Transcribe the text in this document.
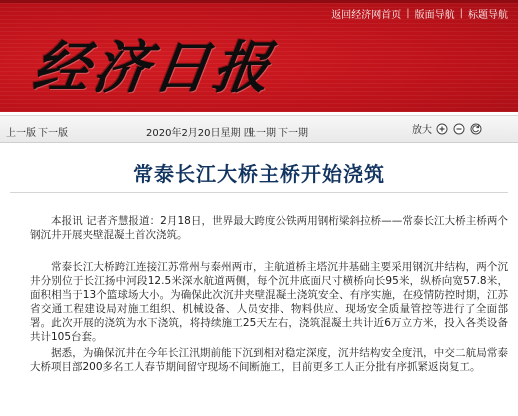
返回经济网首页 | 版面导航 | 标题导航
经济日报
上一版 下一版	2020年2月20日星期 四
上一期 下一期	放大
常泰长江大桥主桥开始浇筑

本报讯 记者齐慧报道：2月18日，世界最大跨度公铁两用钢桁梁斜拉桥——常泰长江大桥主桥两个钢沉井开展夹壁混凝土首次浇筑。

常泰长江大桥跨江连接江苏常州与泰州两市，主航道桥主塔沉井基础主要采用钢沉井结构，两个沉井分别位于长江扬中河段12.5米深水航道两侧，每个沉井底面尺寸横桥向长95米，纵桥向宽57.8米，面积相当于13个篮球场大小。为确保此次沉井夹壁混凝土浇筑安全、有序实施，在疫情防控时期，江苏省交通工程建设局对施工组织、机械设备、人员安排、物料供应、现场安全质量管控等进行了全面部署。此次开展的浇筑为水下浇筑，将持续施工25天左右，浇筑混凝土共计近6万立方米，投入各类设备共计105台套。

据悉，为确保沉井在今年长江汛期前能下沉到相对稳定深度，沉井结构安全度汛，中交二航局常泰大桥项目部200多名工人春节期间留守现场不间断施工，目前更多工人正分批有序抓紧返岗复工。
